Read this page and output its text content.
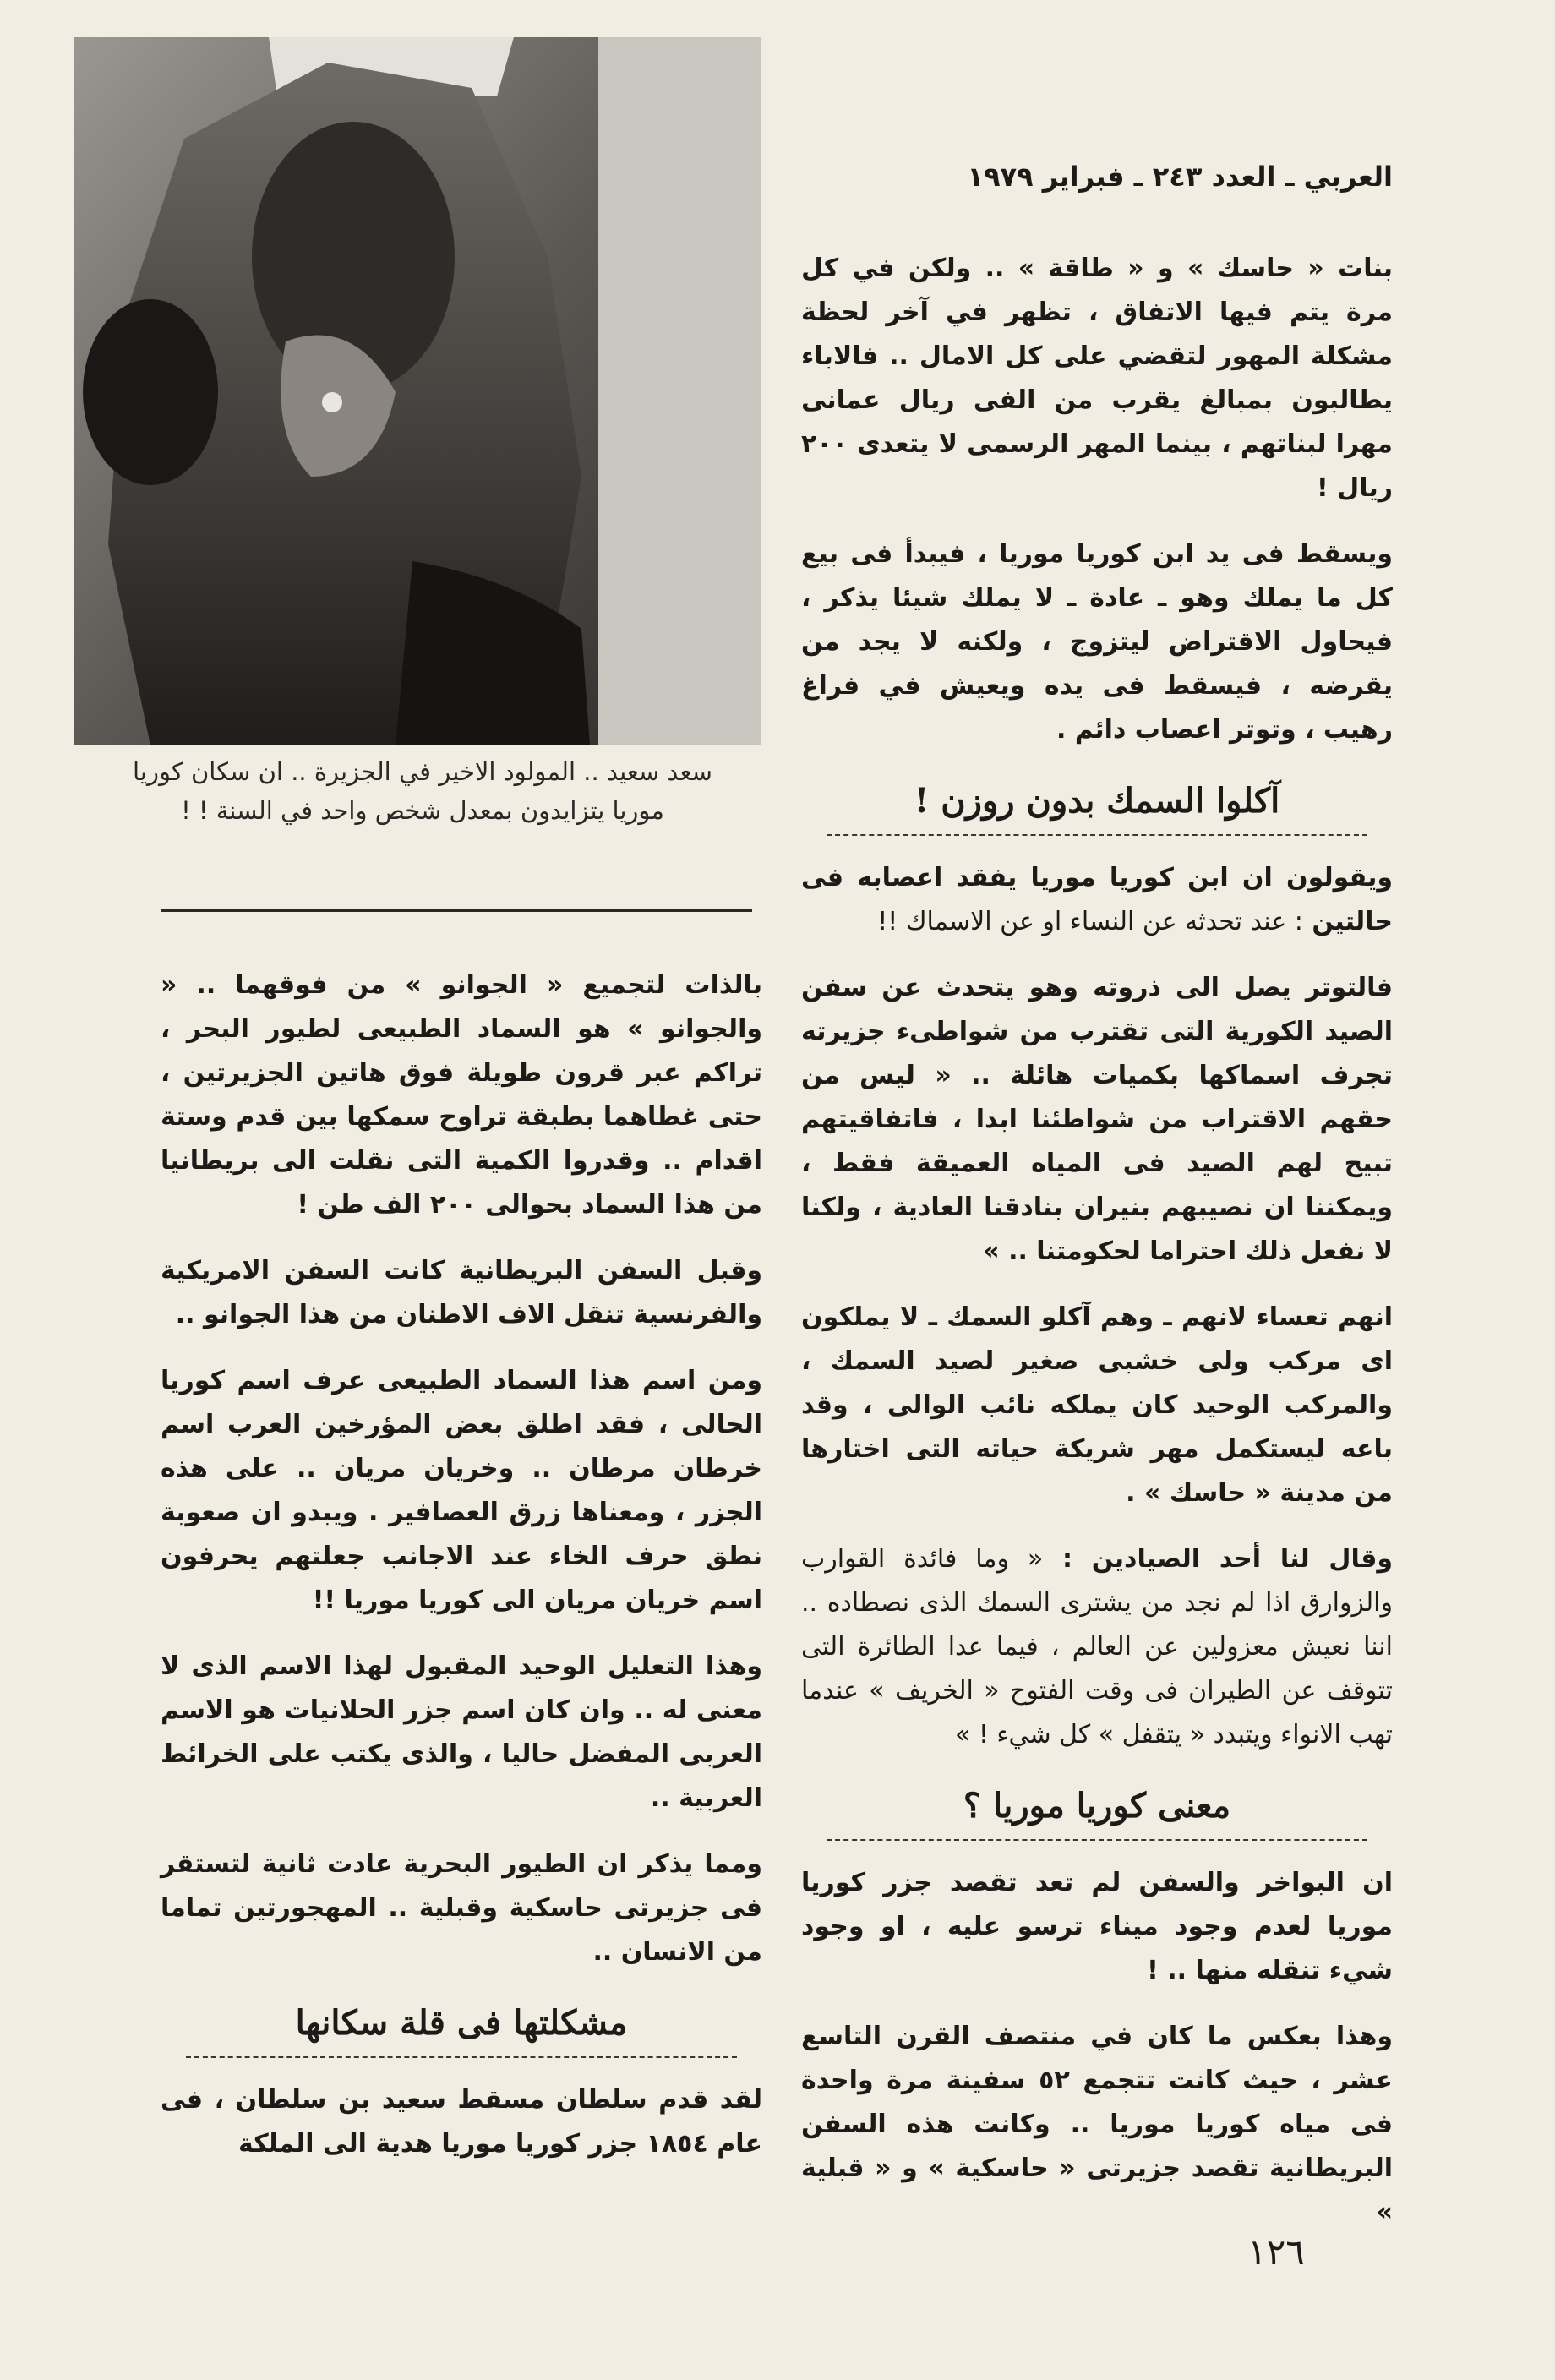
سعد سعيد .. المولود الاخير في الجزيرة .. ان سكان كوريا موريا يتزايدون بمعدل شخص واحد في السنة ! !
العربي ـ العدد ٢٤٣ ـ فبراير ١٩٧٩

بنات « حاسك » و « طاقة » .. ولكن في كل مرة يتم فيها الاتفاق ، تظهر في آخر لحظة مشكلة المهور لتقضي على كل الامال .. فالاباء يطالبون بمبالغ يقرب من الفى ريال عمانى مهرا لبناتهم ، بينما المهر الرسمى لا يتعدى ٢٠٠ ريال !

ويسقط فى يد ابن كوريا موريا ، فيبدأ فى بيع كل ما يملك وهو ـ عادة ـ لا يملك شيئا يذكر ، فيحاول الاقتراض ليتزوج ، ولكنه لا يجد من يقرضه ، فيسقط فى يده ويعيش في فراغ رهيب ، وتوتر اعصاب دائم .

آكلوا السمك بدون روزن !

ويقولون ان ابن كوريا موريا يفقد اعصابه فى حالتين : عند تحدثه عن النساء او عن الاسماك !!

فالتوتر يصل الى ذروته وهو يتحدث عن سفن الصيد الكورية التى تقترب من شواطىء جزيرته تجرف اسماكها بكميات هائلة .. « ليس من حقهم الاقتراب من شواطئنا ابدا ، فاتفاقيتهم تبيح لهم الصيد فى المياه العميقة فقط ، ويمكننا ان نصيبهم بنيران بنادقنا العادية ، ولكنا لا نفعل ذلك احتراما لحكومتنا .. »

انهم تعساء لانهم ـ وهم آكلو السمك ـ لا يملكون اى مركب ولى خشبى صغير لصيد السمك ، والمركب الوحيد كان يملكه نائب الوالى ، وقد باعه ليستكمل مهر شريكة حياته التى اختارها من مدينة « حاسك » .

وقال لنا أحد الصيادين : « وما فائدة القوارب والزوارق اذا لم نجد من يشترى السمك الذى نصطاده .. اننا نعيش معزولين عن العالم ، فيما عدا الطائرة التى تتوقف عن الطيران فى وقت الفتوح « الخريف » عندما تهب الانواء ويتبدد « يتقفل » كل شيء ! »

معنى كوريا موريا ؟

ان البواخر والسفن لم تعد تقصد جزر كوريا موريا لعدم وجود ميناء ترسو عليه ، او وجود شيء تنقله منها .. !

وهذا بعكس ما كان في منتصف القرن التاسع عشر ، حيث كانت تتجمع ٥٢ سفينة مرة واحدة فى مياه كوريا موريا .. وكانت هذه السفن البريطانية تقصد جزيرتى « حاسكية » و « قبلية »

بالذات لتجميع « الجوانو » من فوقهما .. « والجوانو » هو السماد الطبيعى لطيور البحر ، تراكم عبر قرون طويلة فوق هاتين الجزيرتين ، حتى غطاهما بطبقة تراوح سمكها بين قدم وستة اقدام .. وقدروا الكمية التى نقلت الى بريطانيا من هذا السماد بحوالى ٢٠٠ الف طن !

وقبل السفن البريطانية كانت السفن الامريكية والفرنسية تنقل الاف الاطنان من هذا الجوانو ..

ومن اسم هذا السماد الطبيعى عرف اسم كوريا الحالى ، فقد اطلق بعض المؤرخين العرب اسم خرطان مرطان .. وخريان مريان .. على هذه الجزر ، ومعناها زرق العصافير . ويبدو ان صعوبة نطق حرف الخاء عند الاجانب جعلتهم يحرفون اسم خريان مريان الى كوريا موريا !!

وهذا التعليل الوحيد المقبول لهذا الاسم الذى لا معنى له .. وان كان اسم جزر الحلانيات هو الاسم العربى المفضل حاليا ، والذى يكتب على الخرائط العربية ..

ومما يذكر ان الطيور البحرية عادت ثانية لتستقر فى جزيرتى حاسكية وقبلية .. المهجورتين تماما من الانسان ..

مشكلتها فى قلة سكانها

لقد قدم سلطان مسقط سعيد بن سلطان ، فى عام ١٨٥٤ جزر كوريا موريا هدية الى الملكة

١٢٦
